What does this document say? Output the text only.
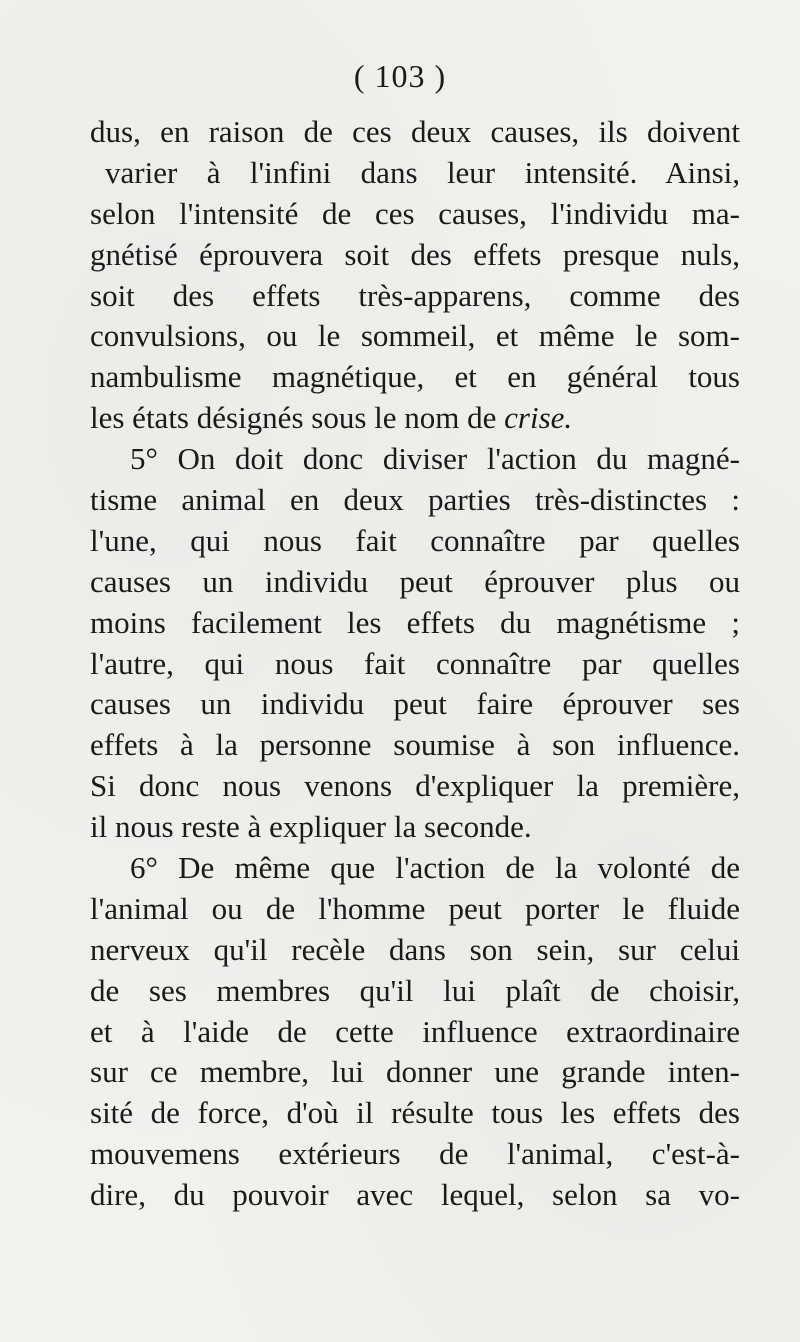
( 103 )
dus, en raison de ces deux causes, ils doivent
varier à l'infini dans leur intensité. Ainsi,
selon l'intensité de ces causes, l'individu ma-
gnétisé éprouvera soit des effets presque nuls,
soit des effets très-apparens, comme des
convulsions, ou le sommeil, et même le som-
nambulisme magnétique, et en général tous
les états désignés sous le nom de crise.
5° On doit donc diviser l'action du magné-
tisme animal en deux parties très-distinctes :
l'une, qui nous fait connaître par quelles
causes un individu peut éprouver plus ou
moins facilement les effets du magnétisme ;
l'autre, qui nous fait connaître par quelles
causes un individu peut faire éprouver ses
effets à la personne soumise à son influence.
Si donc nous venons d'expliquer la première,
il nous reste à expliquer la seconde.
6° De même que l'action de la volonté de
l'animal ou de l'homme peut porter le fluide
nerveux qu'il recèle dans son sein, sur celui
de ses membres qu'il lui plaît de choisir,
et à l'aide de cette influence extraordinaire
sur ce membre, lui donner une grande inten-
sité de force, d'où il résulte tous les effets des
mouvemens extérieurs de l'animal, c'est-à-
dire, du pouvoir avec lequel, selon sa vo-
